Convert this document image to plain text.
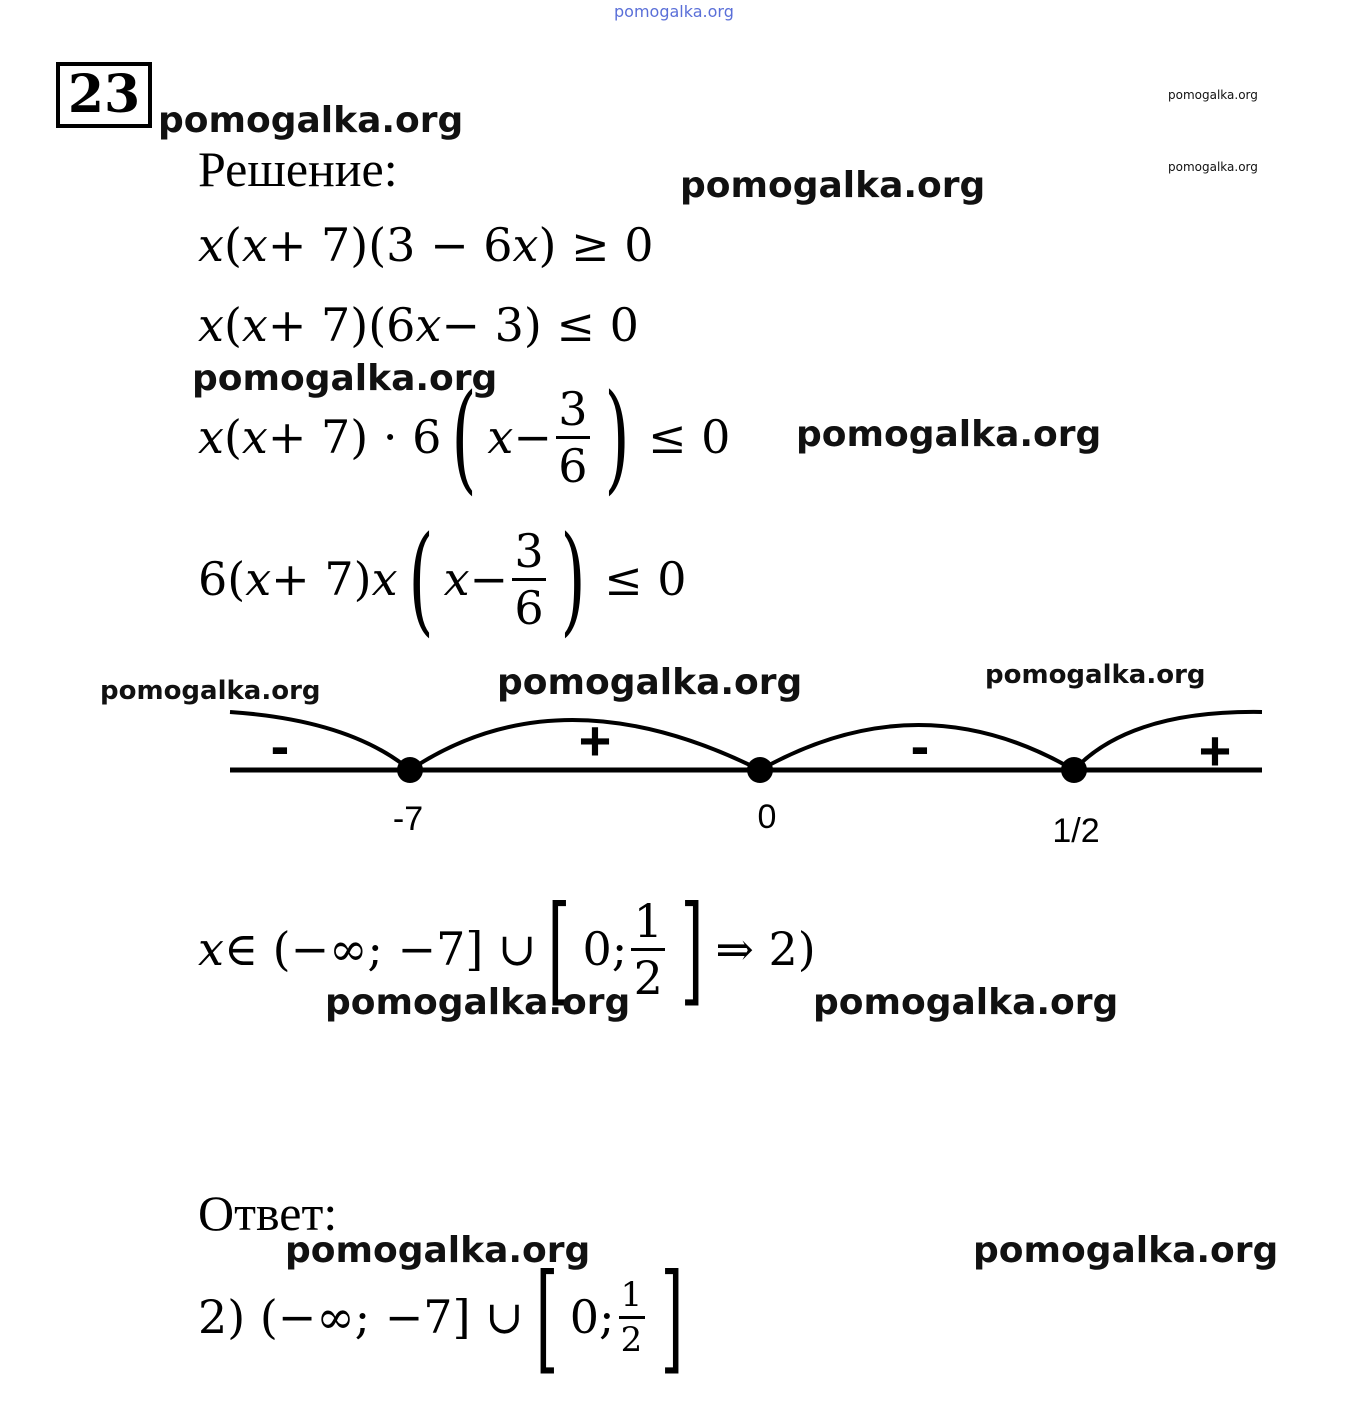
pomogalka.org
23 pomogalka.org
pomogalka.org
pomogalka.org
pomogalka.org
Решение:
x ( x + 7)(3 − 6 x ) ≥ 0
x ( x + 7)(6 x − 3) ≤ 0
pomogalka.org
x ( x + 7) · 6 ( $x - \frac{3}{6}$ ) ≤ 0 pomogalka.org
6( x + 7) x ( $x - \frac{3}{6}$ ) ≤ 0
pomogalka.org	pomogalka.org	pomogalka.org
-	+	-	+
-7	0	1/2
x ∈ (−∞; −7] ∪ [ 0; $\frac{1}{2}$ ] ⇒ 2)
pomogalka.org	pomogalka.org
Ответ:
pomogalka.org	pomogalka.org
2) (−∞; −7] ∪ [ 0; $\frac{1}{2}$ ]
